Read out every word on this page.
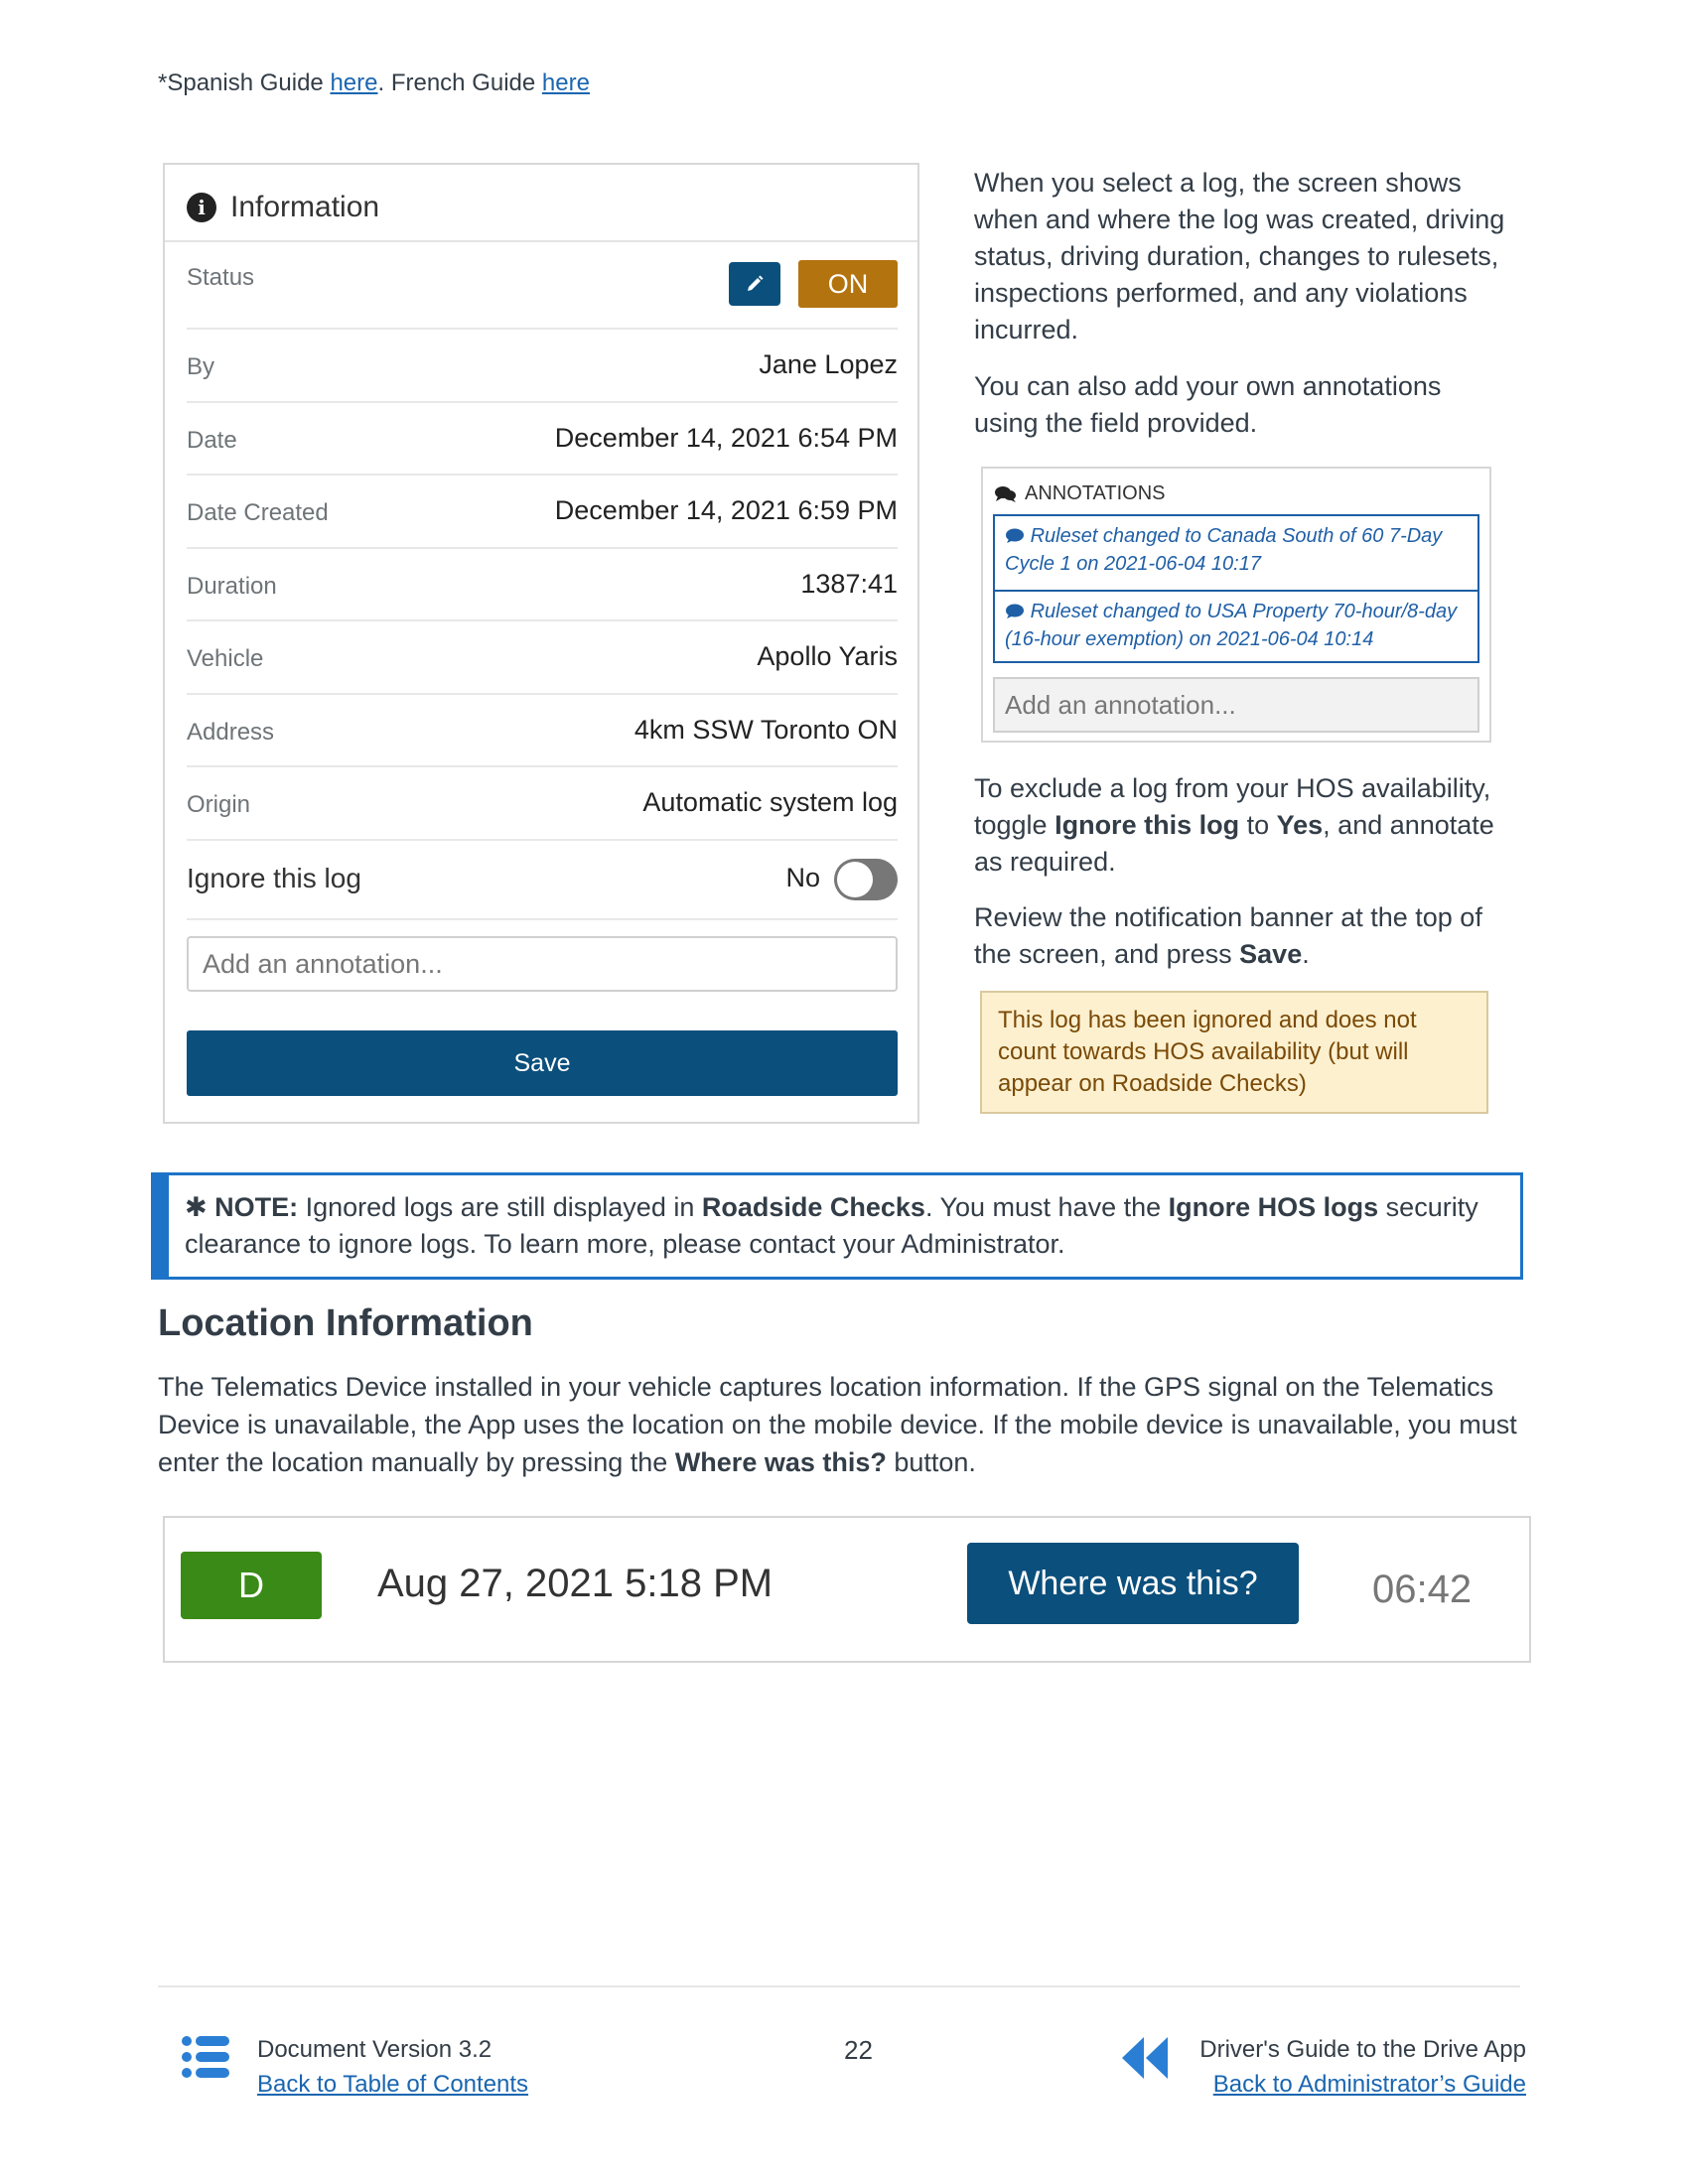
*Spanish Guide here. French Guide here
i Information
Status	ON
By	Jane Lopez
Date	December 14, 2021 6:54 PM
Date Created	December 14, 2021 6:59 PM
Duration	1387:41
Vehicle	Apollo Yaris
Address	4km SSW Toronto ON
Origin	Automatic system log
Ignore this log	No
Add an annotation...
Save

When you select a log, the screen shows when and where the log was created, driving status, driving duration, changes to rulesets, inspections performed, and any violations incurred.

You can also add your own annotations using the field provided.

ANNOTATIONS
Ruleset changed to Canada South of 60 7-Day Cycle 1 on 2021-06-04 10:17
Ruleset changed to USA Property 70-hour/8-day (16-hour exemption) on 2021-06-04 10:14
Add an annotation...

To exclude a log from your HOS availability, toggle Ignore this log to Yes, and annotate as required.

Review the notification banner at the top of the screen, and press Save.

This log has been ignored and does not count towards HOS availability (but will appear on Roadside Checks)
✱ NOTE: Ignored logs are still displayed in Roadside Checks. You must have the Ignore HOS logs security clearance to ignore logs. To learn more, please contact your Administrator.
Location Information

The Telematics Device installed in your vehicle captures location information. If the GPS signal on the Telematics Device is unavailable, the App uses the location on the mobile device. If the mobile device is unavailable, you must enter the location manually by pressing the Where was this? button.

D	Aug 27, 2021 5:18 PM	Where was this?	06:42
Document Version 3.2
Back to Table of Contents
22	Driver's Guide to the Drive App
Back to Administrator’s Guide
